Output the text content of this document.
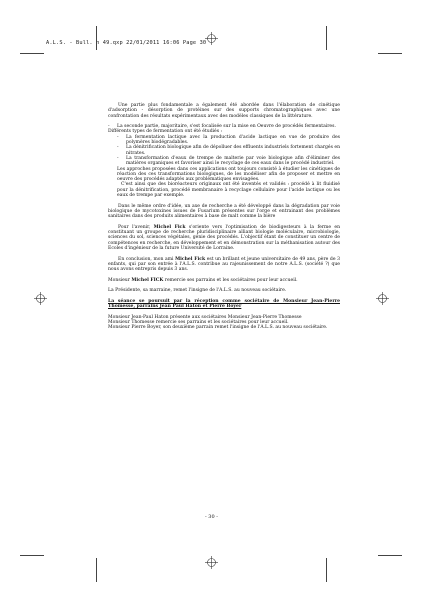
A.L.S. - Bull. n 49.qxp 22/01/2011 16:06 Page 30

Une partie plus fondamentale a également été abordée dans l'élaboration de cinétique d'adsorption - désorption de protéines sur des supports chromatographiques avec une confrontation des résultats expérimentaux avec des modèles classiques de la littérature.

- La seconde partie, majoritaire, s'est focalisée sur la mise en Oeuvre de procédés fermentaires.

Différents types de fermentation ont été étudiés :

- La fermentation lactique avec la production d'acide lactique en vue de produire des polymères biodégradables.
- La dénitrification biologique afin de dépolluer des effluents industriels fortement chargés en nitrates.
- La transformation d'eaux de trempe de malterie par voie biologique afin d'éliminer des matières organiques et favoriser ainsi le recyclage de ces eaux dans le procédé industriel.

Les approches proposées dans ces applications ont toujours consisté à étudier les cinétiques de réaction des ces transformations biologiques, de les modéliser afin de proposer et mettre en oeuvre des procédés adaptés aux problématiques envisagées.

C'est ainsi que des bioréacteurs originaux ont été inventés et validés : procédé à lit fluidisé pour la dénitrification, procédé membranaire à recyclage cellulaire pour l'acide lactique ou les eaux de trempe par exemple.

Dans le même ordre d'idée, un axe de recherche a été développé dans la dégradation par voie biologique de mycotoxines issues de Fusarium présentes sur l'orge et entrainant des problèmes sanitaires dans des produits alimentaires à base de malt comme la bière

Pour l'avenir, Michel Fick s'oriente vers l'optimisation de biodigesteurs à la ferme en constituant un groupe de recherche pluridisciplinaire alliant biologie moléculaire, microbiologie, sciences du sol, sciences végétales, génie des procédés. L'objectif étant de constituer un centre de compétences en recherche, en développement et en démonstration sur la méthanisation autour des Ecoles d'ingénieur de la future Université de Lorraine.

En conclusion, mon ami Michel Fick est un brillant et jeune universitaire de 49 ans, père de 3 enfants, qui par son entrée à l'A.L.S. contribue au rajeunissement de notre A.L.S. (société ?) que nous avons entrepris depuis 3 ans.

Monsieur Michel FICK remercie ses parrains et les sociétaires pour leur accueil.

La Présidente, sa marraine, remet l'insigne de l'A.L.S. au nouveau sociétaire.

La séance se poursuit par la réception comme sociétaire de Monsieur Jean-Pierre Thomesse, parrains Jean Paul Haton et Pierre Boyer

Monsieur Jean-Paul Haton présente aux sociétaires Monsieur Jean-Pierre Thomesse

Monsieur Thomesse remercie ses parrains et les sociétaires pour leur accueil.

Monsieur Pierre Boyer, son deuxième parrain remet l'insigne de l'A.L.S. au nouveau sociétaire.

- 30 -
